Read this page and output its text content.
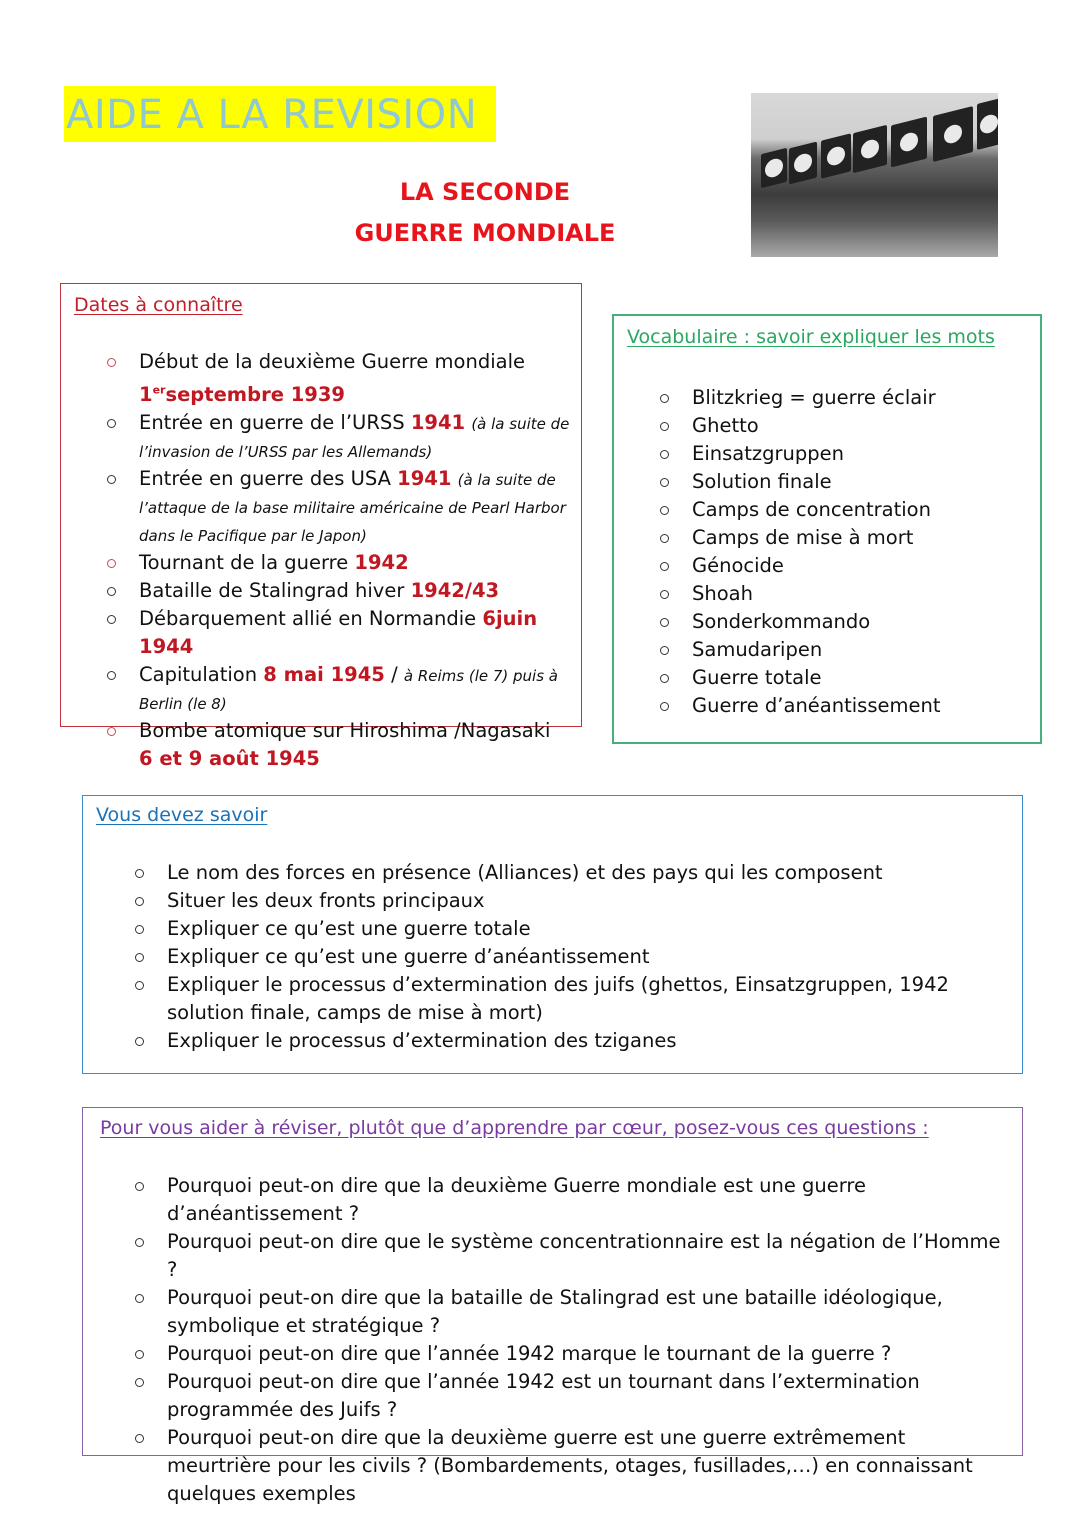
AIDE A LA REVISION
LA SECONDE
GUERRE MONDIALE
Dates à connaître
Début de la deuxième Guerre mondiale
1erseptembre 1939
Entrée en guerre de l’URSS 1941 (à la suite de l’invasion de l’URSS par les Allemands)
Entrée en guerre des USA 1941 (à la suite de l’attaque de la base militaire américaine de Pearl Harbor dans le Pacifique par le Japon)
Tournant de la guerre 1942
Bataille de Stalingrad hiver 1942/43
Débarquement allié en Normandie 6juin 1944
Capitulation 8 mai 1945 / à Reims (le 7) puis à Berlin (le 8)
Bombe atomique sur Hiroshima /Nagasaki
6 et 9 août 1945
Vocabulaire : savoir expliquer les mots
Blitzkrieg = guerre éclair
Ghetto
Einsatzgruppen
Solution finale
Camps de concentration
Camps de mise à mort
Génocide
Shoah
Sonderkommando
Samudaripen
Guerre totale
Guerre d’anéantissement
Vous devez savoir
Le nom des forces en présence (Alliances) et des pays qui les composent
Situer les deux fronts principaux
Expliquer ce qu’est une guerre totale
Expliquer ce qu’est une guerre d’anéantissement
Expliquer le processus d’extermination des juifs (ghettos, Einsatzgruppen, 1942 solution finale, camps de mise à mort)
Expliquer le processus d’extermination des tziganes
Pour vous aider à réviser, plutôt que d’apprendre par cœur, posez-vous ces questions :
Pourquoi peut-on dire que la deuxième Guerre mondiale est une guerre d’anéantissement ?
Pourquoi peut-on dire que le système concentrationnaire est la négation de l’Homme ?
Pourquoi peut-on dire que la bataille de Stalingrad est une bataille idéologique, symbolique et stratégique ?
Pourquoi peut-on dire que l’année 1942 marque le tournant de la guerre ?
Pourquoi peut-on dire que l’année 1942 est un tournant dans l’extermination programmée des Juifs ?
Pourquoi peut-on dire que la deuxième guerre est une guerre extrêmement meurtrière pour les civils ? (Bombardements, otages, fusillades,…) en connaissant quelques exemples
